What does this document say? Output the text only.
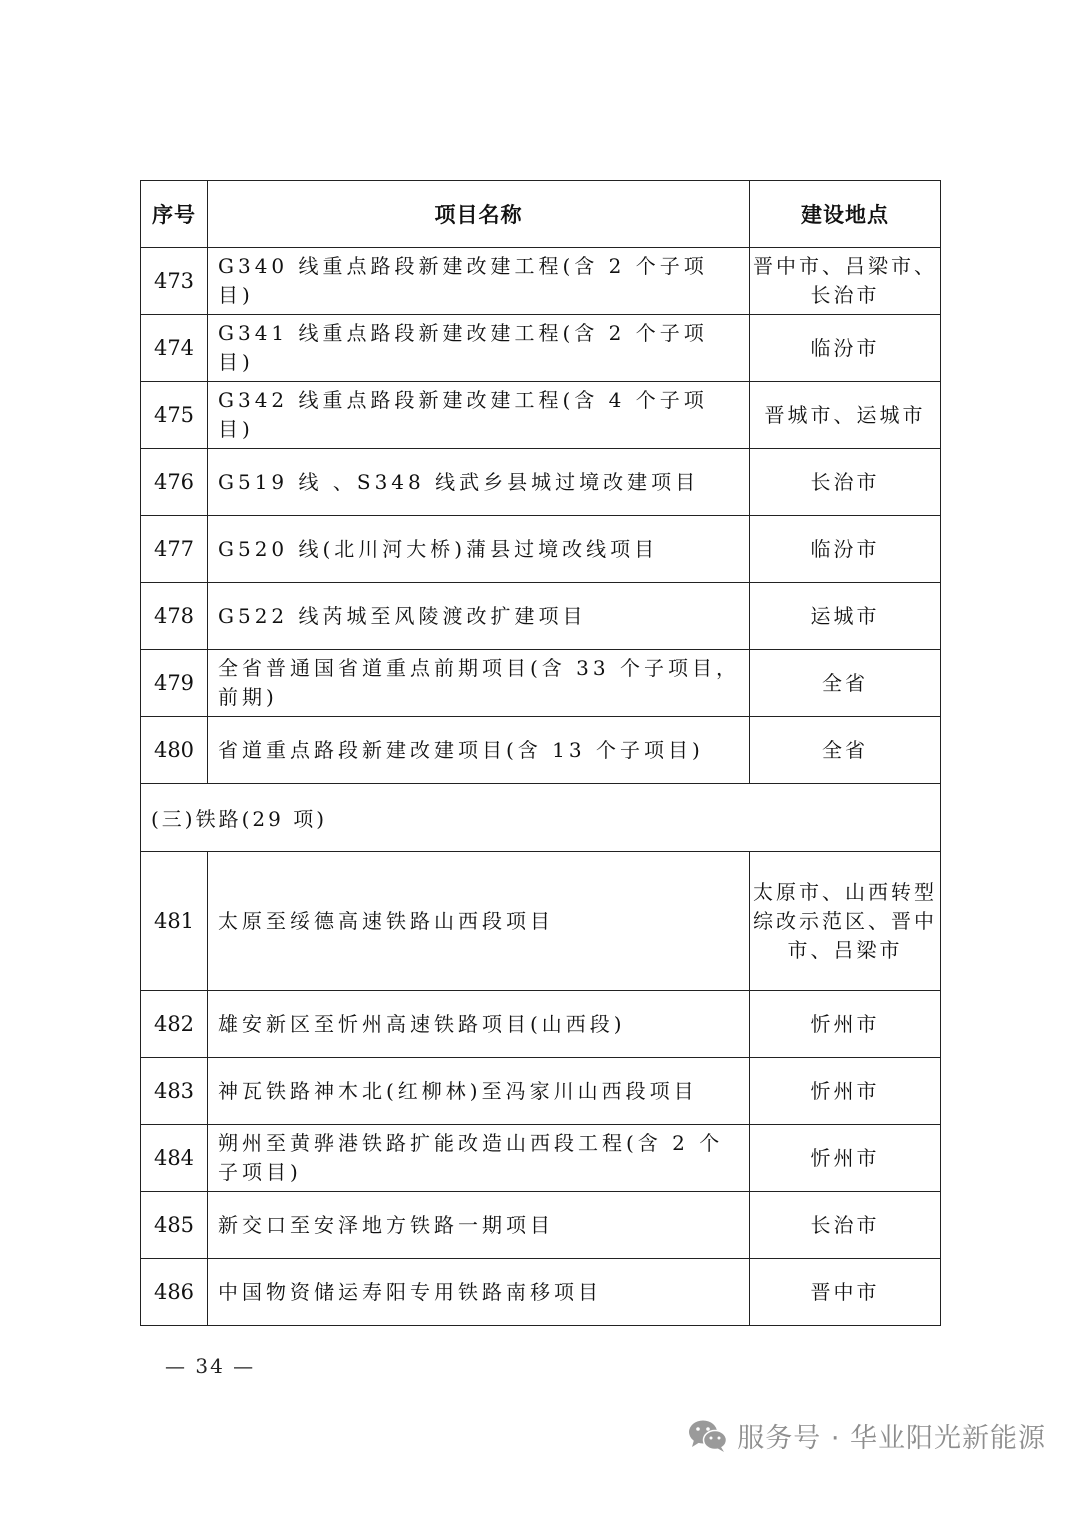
序号	项目名称	建设地点
473	G340 线重点路段新建改建工程(含 2 个子项目)	晋中市、吕梁市、长治市
474	G341 线重点路段新建改建工程(含 2 个子项目)	临汾市
475	G342 线重点路段新建改建工程(含 4 个子项目)	晋城市、运城市
476	G519 线 、S348 线武乡县城过境改建项目	长治市
477	G520 线(北川河大桥)蒲县过境改线项目	临汾市
478	G522 线芮城至风陵渡改扩建项目	运城市
479	全省普通国省道重点前期项目(含 33 个子项目，前期)	全省
480	省道重点路段新建改建项目(含 13 个子项目)	全省
(三)铁路(29 项)		
481	太原至绥德高速铁路山西段项目	太原市、山西转型综改示范区、晋中市、吕梁市
482	雄安新区至忻州高速铁路项目(山西段)	忻州市
483	神瓦铁路神木北(红柳林)至冯家川山西段项目	忻州市
484	朔州至黄骅港铁路扩能改造山西段工程(含 2 个子项目)	忻州市
485	新交口至安泽地方铁路一期项目	长治市
486	中国物资储运寿阳专用铁路南移项目	晋中市
— 34 —
服务号 · 华业阳光新能源
